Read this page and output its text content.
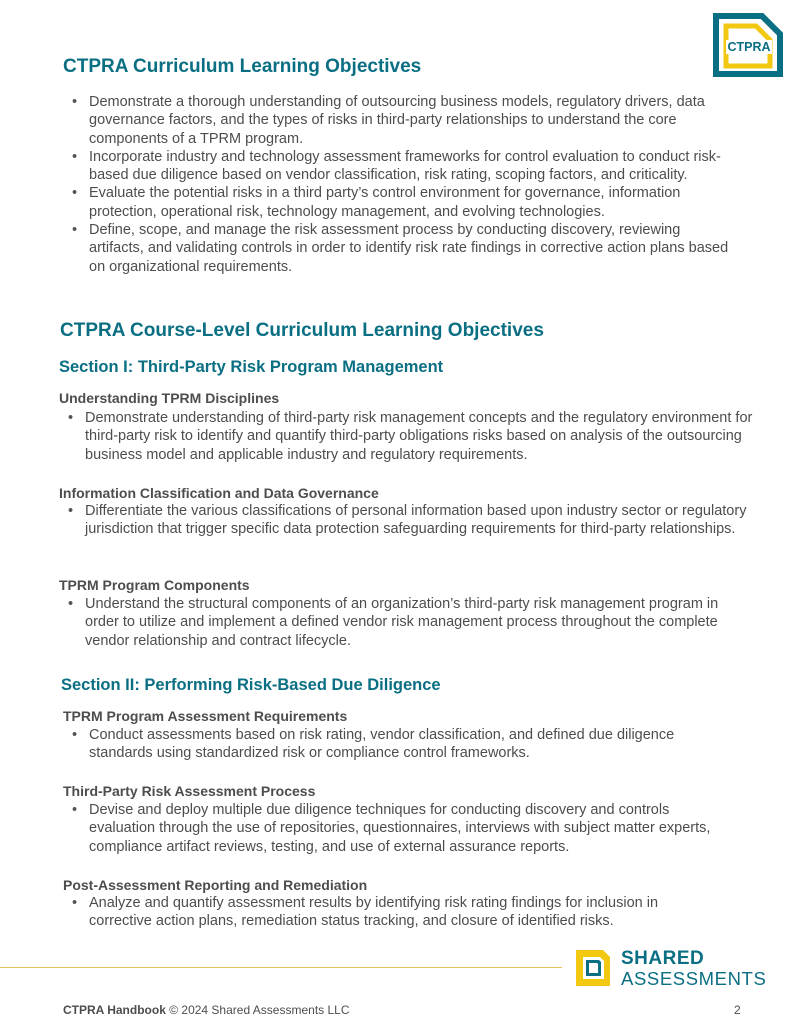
CTPRA
CTPRA Curriculum Learning Objectives
• Demonstrate a thorough understanding of outsourcing business models, regulatory drivers, data governance factors, and the types of risks in third-party relationships to understand the core components of a TPRM program.
• Incorporate industry and technology assessment frameworks for control evaluation to conduct risk-based due diligence based on vendor classification, risk rating, scoping factors, and criticality.
• Evaluate the potential risks in a third party’s control environment for governance, information protection, operational risk, technology management, and evolving technologies.
• Define, scope, and manage the risk assessment process by conducting discovery, reviewing artifacts, and validating controls in order to identify risk rate findings in corrective action plans based on organizational requirements.
CTPRA Course-Level Curriculum Learning Objectives
Section I: Third-Party Risk Program Management
Understanding TPRM Disciplines
• Demonstrate understanding of third-party risk management concepts and the regulatory environment for third-party risk to identify and quantify third-party obligations risks based on analysis of the outsourcing business model and applicable industry and regulatory requirements.
Information Classification and Data Governance
• Differentiate the various classifications of personal information based upon industry sector or regulatory jurisdiction that trigger specific data protection safeguarding requirements for third-party relationships.
TPRM Program Components
• Understand the structural components of an organization’s third-party risk management program in order to utilize and implement a defined vendor risk management process throughout the complete vendor relationship and contract lifecycle.
Section II: Performing Risk-Based Due Diligence
TPRM Program Assessment Requirements
• Conduct assessments based on risk rating, vendor classification, and defined due diligence standards using standardized risk or compliance control frameworks.
Third-Party Risk Assessment Process
• Devise and deploy multiple due diligence techniques for conducting discovery and controls evaluation through the use of repositories, questionnaires, interviews with subject matter experts, compliance artifact reviews, testing, and use of external assurance reports.
Post-Assessment Reporting and Remediation
• Analyze and quantify assessment results by identifying risk rating findings for inclusion in corrective action plans, remediation status tracking, and closure of identified risks.
SHARED
ASSESSMENTS
CTPRA Handbook © 2024 Shared Assessments LLC	2
